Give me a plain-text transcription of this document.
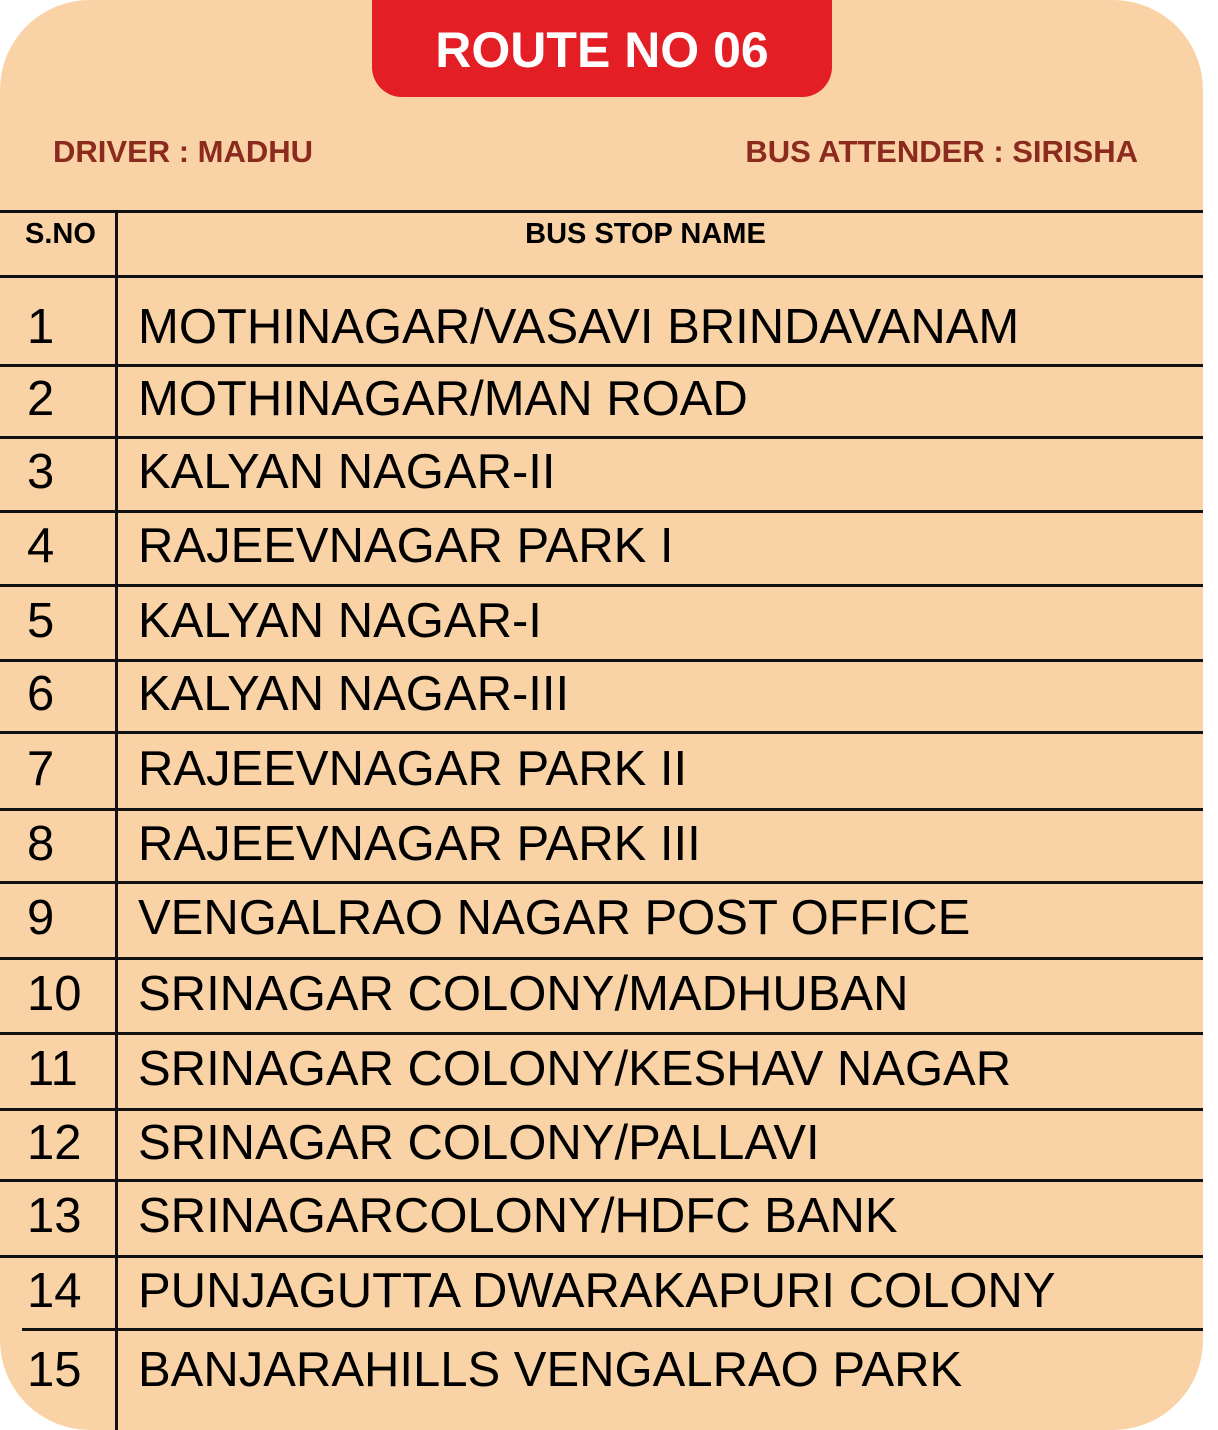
ROUTE NO 06
DRIVER : MADHU	BUS ATTENDER : SIRISHA
S.NO	BUS STOP NAME
1 MOTHINAGAR/VASAVI BRINDAVANAM
2 MOTHINAGAR/MAN ROAD
3 KALYAN NAGAR-II
4 RAJEEVNAGAR PARK I
5 KALYAN NAGAR-I
6 KALYAN NAGAR-III
7 RAJEEVNAGAR PARK II
8 RAJEEVNAGAR PARK III
9 VENGALRAO NAGAR POST OFFICE
10 SRINAGAR COLONY/MADHUBAN
11 SRINAGAR COLONY/KESHAV NAGAR
12 SRINAGAR COLONY/PALLAVI
13 SRINAGARCOLONY/HDFC BANK
14 PUNJAGUTTA DWARAKAPURI COLONY
15 BANJARAHILLS VENGALRAO PARK
